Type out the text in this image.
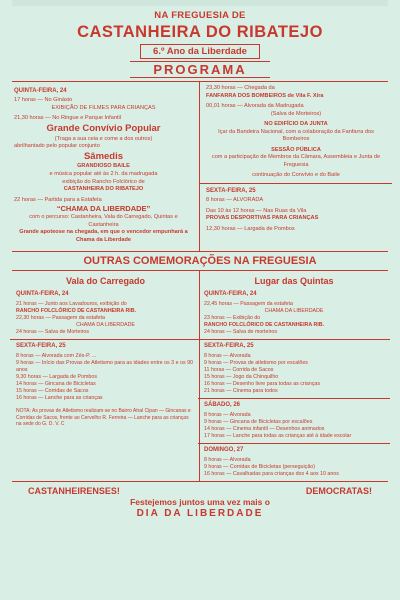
NA FREGUESIA DE
CASTANHEIRA DO RIBATEJO
6.º Ano da Liberdade
PROGRAMA
QUINTA-FEIRA, 24
17 horas — No Ginásio
EXIBIÇÃO DE FILMES PARA CRIANÇAS
21,30 horas — No Ringue e Parque Infantil
Grande Convívio Popular
(Traga a sua ceia e come a dos outros)
abrilhantado pelo popular conjunto
Sâmedis
GRANDIOSO BAILE
e música popular até às 2 h. da madrugada
exibição do Rancho Folclórico de
CASTANHEIRA DO RIBATEJO
22 horas — Partida para a Estafeta
“CHAMA DA LIBERDADE”
com o percurso: Castanheira, Vala do Carregado, Quintas e Castanheira
Grande apoteose na chegada, em que o vencedor empunhará a Chama da Liberdade
23,30 horas — Chegada da
FANFARRA DOS BOMBEIROS de Vila F. Xira
00,01 horas — Alvorada da Madrugada
(Salva de Morteiros)
NO EDIFÍCIO DA JUNTA
Içar da Bandeira Nacional, com a colaboração da Fanfarra dos Bombeiros
SESSÃO PÚBLICA
com a participação de Membros da Câmara, Assembleia e Junta de Freguesia
continuação do Convívio e do Baile
SEXTA-FEIRA, 25
8 horas — ALVORADA
Das 10 às 12 horas — Nas Ruas da Vila
PROVAS DESPORTIVAS PARA CRIANÇAS
12,30 horas — Largada de Pombos
OUTRAS COMEMORAÇÕES NA FREGUESIA
Vala do Carregado
QUINTA-FEIRA, 24
21 horas — Junto aos Lavadouros, exibição do
RANCHO FOLCLÓRICO DE CASTANHEIRA RIB.
22,30 horas — Passagem da estafeta
CHAMA DA LIBERDADE
24 horas — Salva de Morteiros
SEXTA-FEIRA, 25
8 horas — Alvorada com Zés-P. ...
9 horas — Início das Provas de Atletismo para as idades entre os 3 e os 90 anos
9,30 horas — Largada de Pombos
14 horas — Gincana de Bicicletas
15 horas — Corridas de Sacos
16 horas — Lanche para as crianças
NOTA: As provas de Atletismo realizam-se no Bairro Atral Cipan — Gincanas e Corridas de Sacos, frente ao Cervelho R. Ferreira — Lanche para as crianças na sede do G. D. V. C
Lugar das Quintas
QUINTA-FEIRA, 24
22,45 horas — Passagem da estafeta
CHAMA DA LIBERDADE
23 horas — Exibição do
RANCHO FOLCLÓRICO DE CASTANHEIRA RIB.
24 horas — Salva de morteiros
SEXTA-FEIRA, 25
8 horas — Alvorada
9 horas — Provas de atletismo por escalões
11 horas — Corrida de Sacos
15 horas — Jogo da Chinquilho
16 horas — Desenho livre para todas as crianças
21 horas — Cinema para todos
SÁBADO, 26
8 horas — Alvorada
9 horas — Gincana de Bicicletas por escalões
14 horas — Cinema infantil — Desenhos animados
17 horas — Lanche para todas as crianças até à idade escolar
DOMINGO, 27
8 horas — Alvorada
9 horas — Corridas de Bicicletas (perseguição)
16 horas — Cavalhadas para crianças dos 4 aos 10 anos
CASTANHEIRENSES!	DEMOCRATAS!
Festejemos juntos uma vez mais o
DIA DA LIBERDADE
